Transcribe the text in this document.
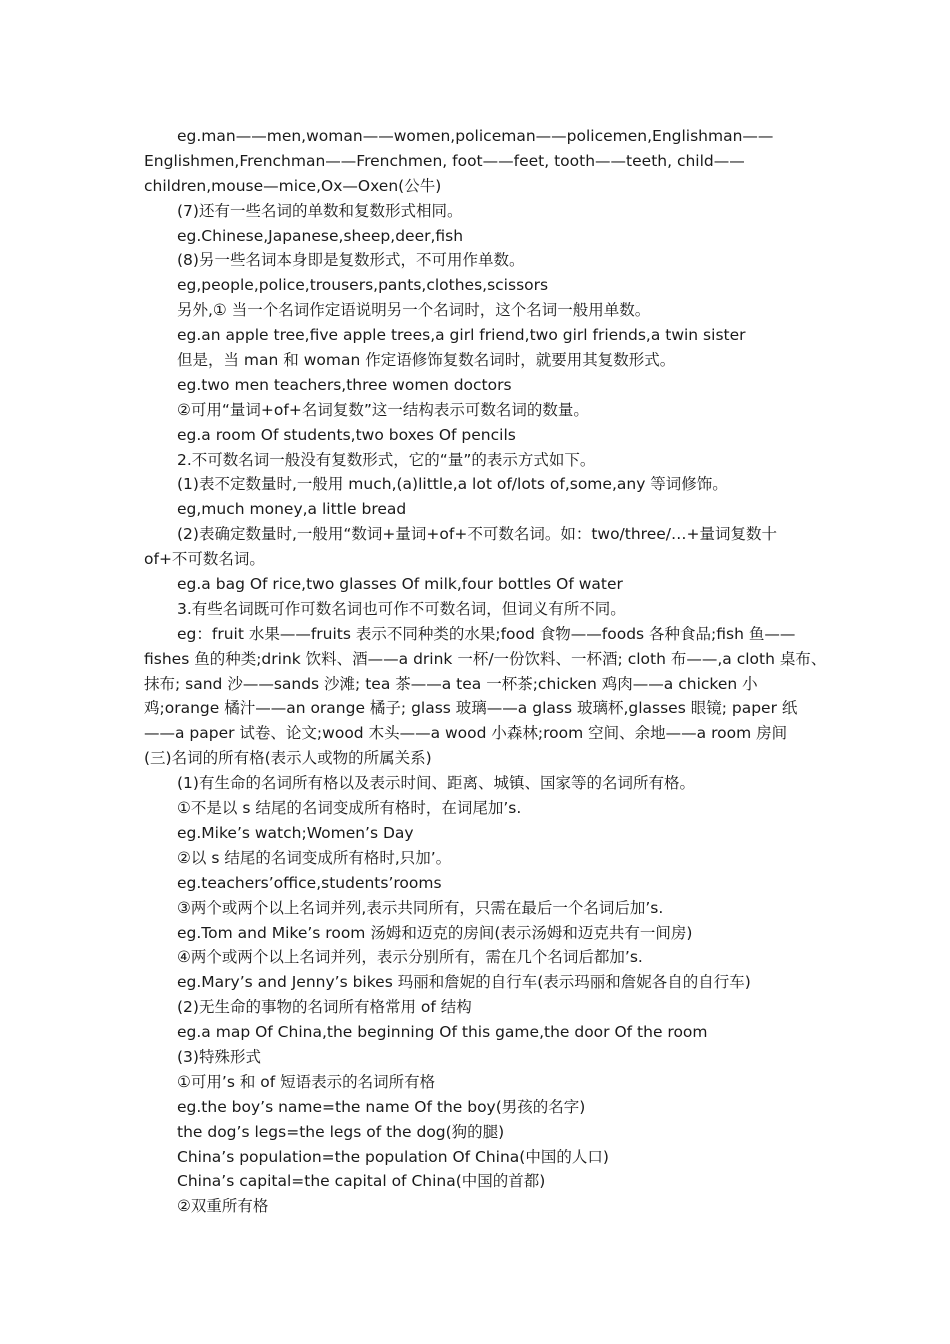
eg.man——men,woman——women,policeman——policemen,Englishman——
Englishmen,Frenchman——Frenchmen, foot——feet, tooth——teeth, child——
children,mouse—mice,Ox—Oxen(公牛)
(7)还有一些名词的单数和复数形式相同。
eg.Chinese,Japanese,sheep,deer,fish
(8)另一些名词本身即是复数形式，不可用作单数。
eg,people,police,trousers,pants,clothes,scissors
另外,① 当一个名词作定语说明另一个名词时，这个名词一般用单数。
eg.an apple tree,five apple trees,a girl friend,two girl friends,a twin sister
但是，当 man 和 woman 作定语修饰复数名词时，就要用其复数形式。
eg.two men teachers,three women doctors
②可用“量词+of+名词复数”这一结构表示可数名词的数量。
eg.a room Of students,two boxes Of pencils
2.不可数名词一般没有复数形式，它的“量”的表示方式如下。
(1)表不定数量时,一般用 much,(a)little,a lot of/lots of,some,any 等词修饰。
eg,much money,a little bread
(2)表确定数量时,一般用“数词+量词+of+不可数名词。如：two/three/…+量词复数十
of+不可数名词。
eg.a bag Of rice,two glasses Of milk,four bottles Of water
3.有些名词既可作可数名词也可作不可数名词，但词义有所不同。
eg：fruit 水果——fruits 表示不同种类的水果;food 食物——foods 各种食品;fish 鱼——
fishes 鱼的种类;drink 饮料、酒——a drink 一杯/一份饮料、一杯酒; cloth 布——,a cloth 桌布、
抹布; sand 沙——sands 沙滩; tea 茶——a tea 一杯茶;chicken 鸡肉——a chicken 小
鸡;orange 橘汁——an orange 橘子; glass 玻璃——a glass 玻璃杯,glasses 眼镜; paper 纸
——a paper 试卷、论文;wood 木头——a wood 小森林;room 空间、余地——a room 房间
(三)名词的所有格(表示人或物的所属关系)
(1)有生命的名词所有格以及表示时间、距离、城镇、国家等的名词所有格。
①不是以 s 结尾的名词变成所有格时，在词尾加’s.
eg.Mike’s watch;Women’s Day
②以 s 结尾的名词变成所有格时,只加’。
eg.teachers’office,students’rooms
③两个或两个以上名词并列,表示共同所有，只需在最后一个名词后加’s.
eg.Tom and Mike’s room 汤姆和迈克的房间(表示汤姆和迈克共有一间房)
④两个或两个以上名词并列，表示分别所有，需在几个名词后都加’s.
eg.Mary’s and Jenny’s bikes 玛丽和詹妮的自行车(表示玛丽和詹妮各自的自行车)
(2)无生命的事物的名词所有格常用 of 结构
eg.a map Of China,the beginning Of this game,the door Of the room
(3)特殊形式
①可用’s 和 of 短语表示的名词所有格
eg.the boy’s name=the name Of the boy(男孩的名字)
the dog’s legs=the legs of the dog(狗的腿)
China’s population=the population Of China(中国的人口)
China’s capital=the capital of China(中国的首都)
②双重所有格
